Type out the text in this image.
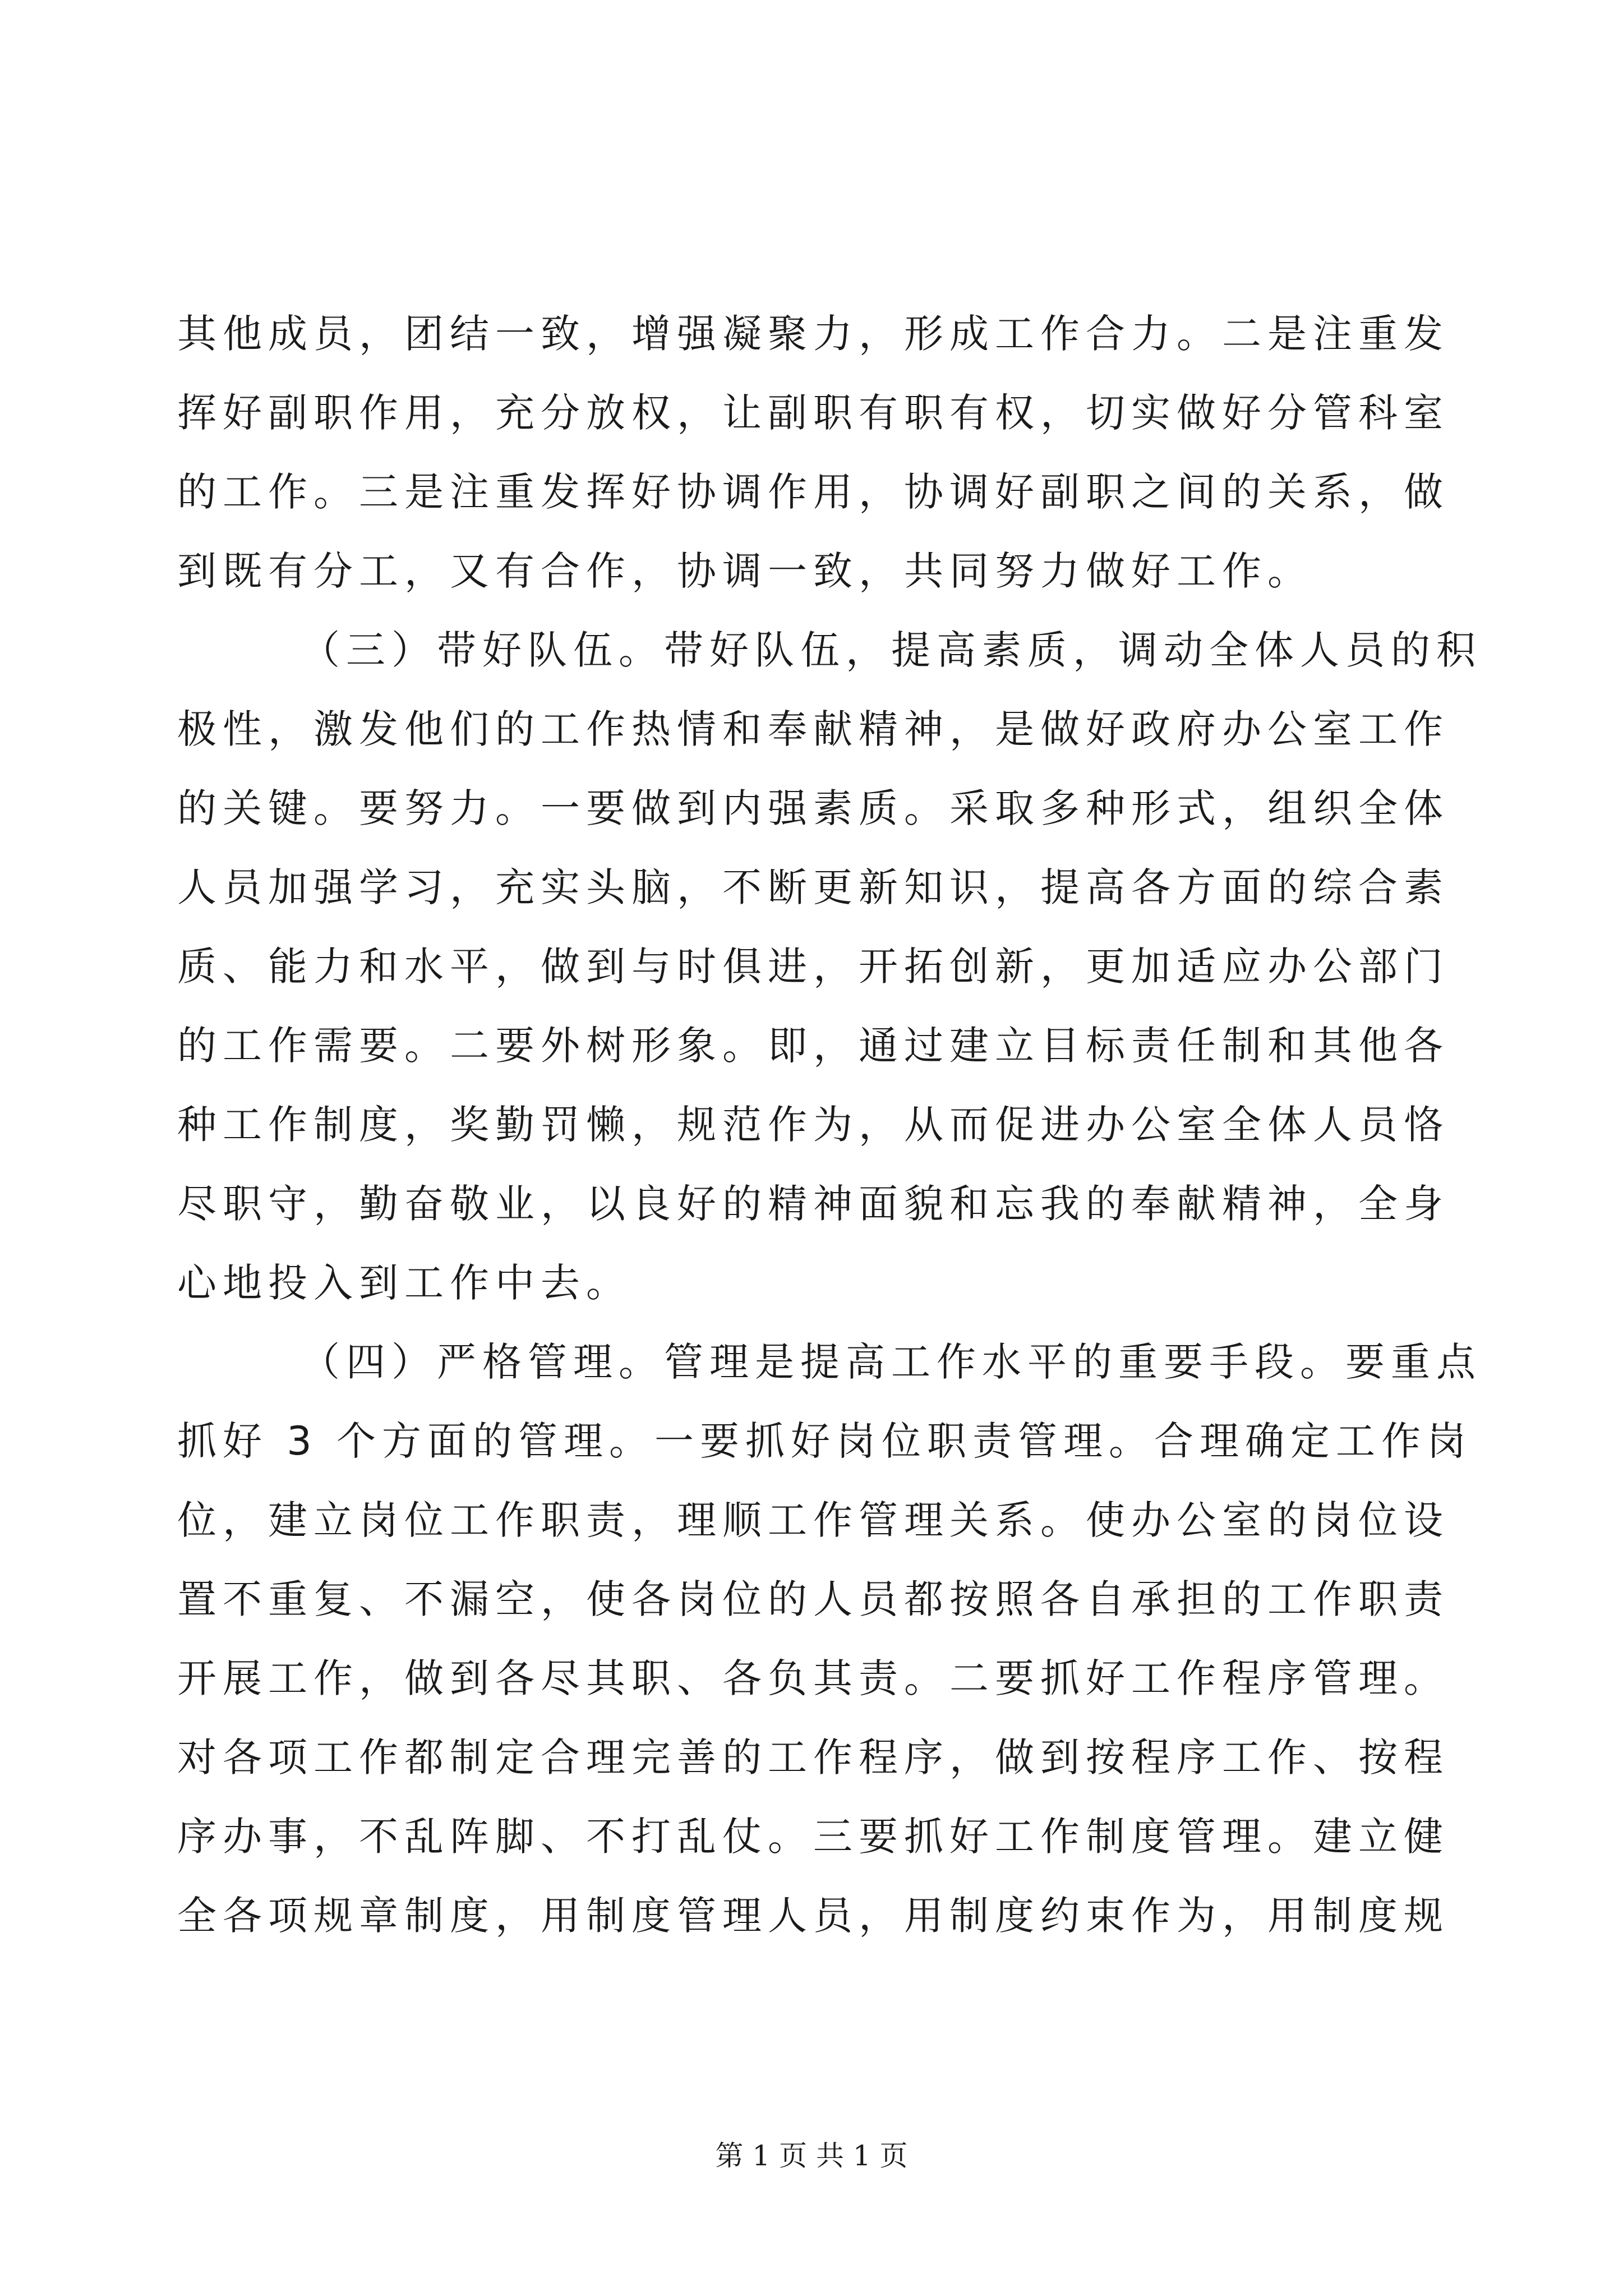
其他成员，团结一致，增强凝聚力，形成工作合力。二是注重发
挥好副职作用，充分放权，让副职有职有权，切实做好分管科室
的工作。三是注重发挥好协调作用，协调好副职之间的关系，做
到既有分工，又有合作，协调一致，共同努力做好工作。
（三）带好队伍。带好队伍，提高素质，调动全体人员的积
极性，激发他们的工作热情和奉献精神，是做好政府办公室工作
的关键。要努力。一要做到内强素质。采取多种形式，组织全体
人员加强学习，充实头脑，不断更新知识，提高各方面的综合素
质、能力和水平，做到与时俱进，开拓创新，更加适应办公部门
的工作需要。二要外树形象。即，通过建立目标责任制和其他各
种工作制度，奖勤罚懒，规范作为，从而促进办公室全体人员恪
尽职守，勤奋敬业，以良好的精神面貌和忘我的奉献精神，全身
心地投入到工作中去。
（四）严格管理。管理是提高工作水平的重要手段。要重点
抓好 3 个方面的管理。一要抓好岗位职责管理。合理确定工作岗
位，建立岗位工作职责，理顺工作管理关系。使办公室的岗位设
置不重复、不漏空，使各岗位的人员都按照各自承担的工作职责
开展工作，做到各尽其职、各负其责。二要抓好工作程序管理。
对各项工作都制定合理完善的工作程序，做到按程序工作、按程
序办事，不乱阵脚、不打乱仗。三要抓好工作制度管理。建立健
全各项规章制度，用制度管理人员，用制度约束作为，用制度规
第 1 页 共 1 页
